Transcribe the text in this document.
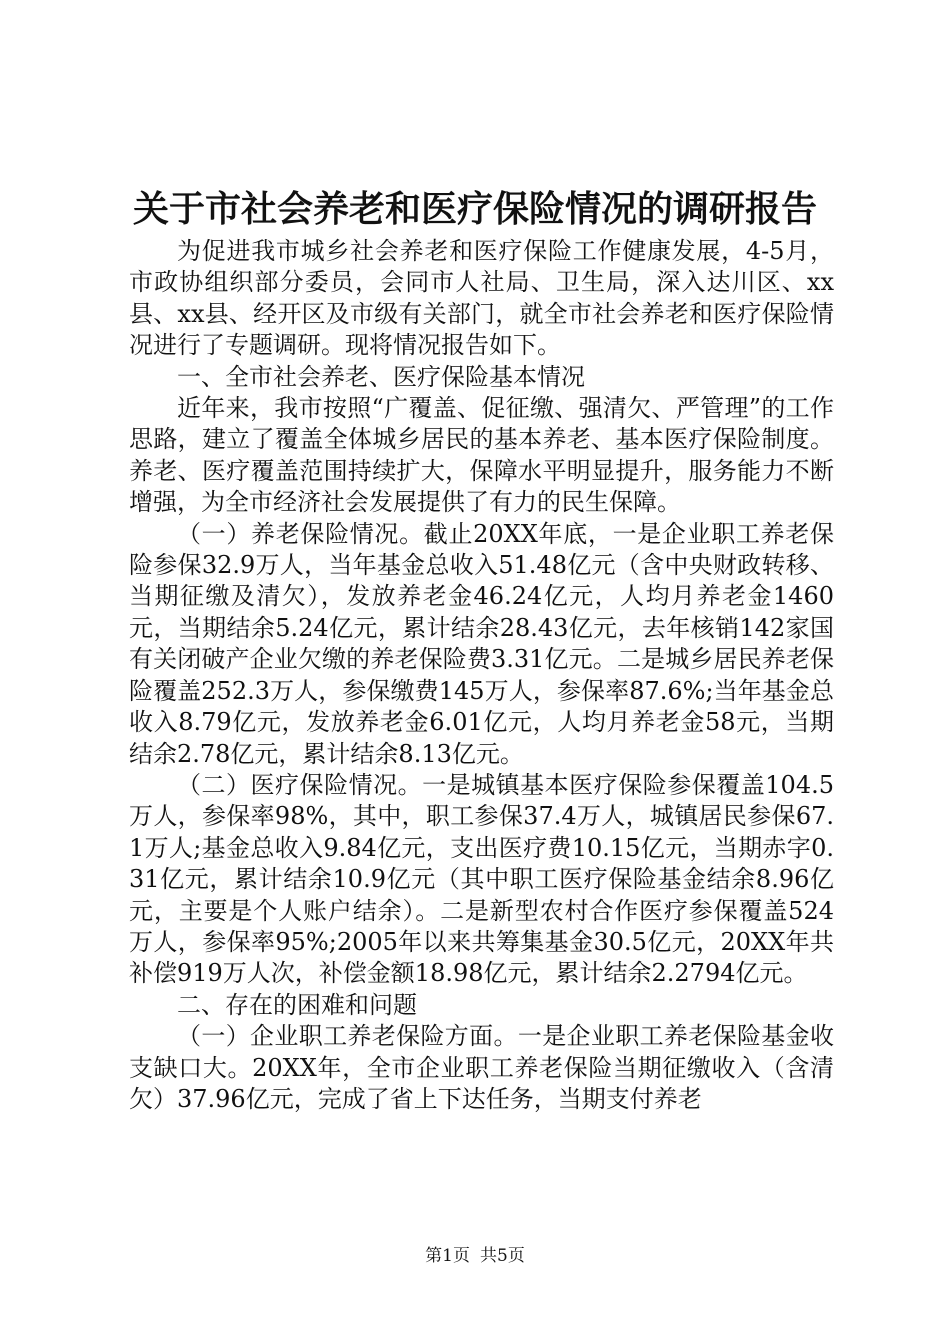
关于市社会养老和医疗保险情况的调研报告

为促进我市城乡社会养老和医疗保险工作健康发展，4-5月，市政协组织部分委员，会同市人社局、卫生局，深入达川区、xx县、xx县、经开区及市级有关部门，就全市社会养老和医疗保险情况进行了专题调研。现将情况报告如下。

一、全市社会养老、医疗保险基本情况

近年来，我市按照“广覆盖、促征缴、强清欠、严管理”的工作思路，建立了覆盖全体城乡居民的基本养老、基本医疗保险制度。养老、医疗覆盖范围持续扩大，保障水平明显提升，服务能力不断增强，为全市经济社会发展提供了有力的民生保障。

（一）养老保险情况。截止20XX年底，一是企业职工养老保险参保32.9万人，当年基金总收入51.48亿元（含中央财政转移、当期征缴及清欠），发放养老金46.24亿元，人均月养老金1460元，当期结余5.24亿元，累计结余28.43亿元，去年核销142家国有关闭破产企业欠缴的养老保险费3.31亿元。二是城乡居民养老保险覆盖252.3万人，参保缴费145万人，参保率87.6%;当年基金总收入8.79亿元，发放养老金6.01亿元，人均月养老金58元，当期结余2.78亿元，累计结余8.13亿元。

（二）医疗保险情况。一是城镇基本医疗保险参保覆盖104.5万人，参保率98%，其中，职工参保37.4万人，城镇居民参保67.1万人;基金总收入9.84亿元，支出医疗费10.15亿元，当期赤字0.31亿元，累计结余10.9亿元（其中职工医疗保险基金结余8.96亿元，主要是个人账户结余）。二是新型农村合作医疗参保覆盖524万人，参保率95%;2005年以来共筹集基金30.5亿元，20XX年共补偿919万人次，补偿金额18.98亿元，累计结余2.2794亿元。

二、存在的困难和问题

（一）企业职工养老保险方面。一是企业职工养老保险基金收支缺口大。20XX年，全市企业职工养老保险当期征缴收入（含清欠）37.96亿元，完成了省上下达任务，当期支付养老

第1页 共5页
